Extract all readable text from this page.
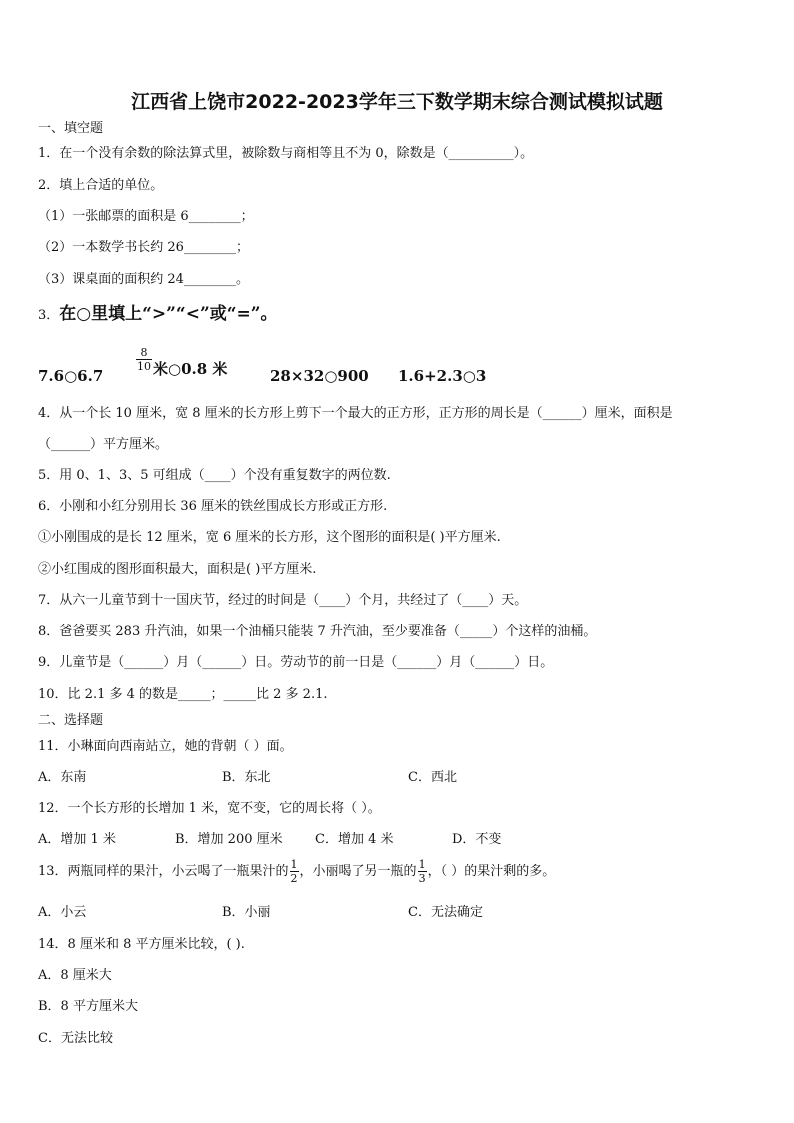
江西省上饶市2022-2023学年三下数学期末综合测试模拟试题
一、填空题
1．在一个没有余数的除法算式里，被除数与商相等且不为 0，除数是（__________）。
2．填上合适的单位。
（1）一张邮票的面积是 6________；
（2）一本数学书长约 26________；
（3）课桌面的面积约 24________。
3．在○里填上“>”“<”或“=”。
7.6○6.7
$\frac{8}{10}$ 米○0.8 米	28×32○900 1.6+2.3○3
4．从一个长 10 厘米，宽 8 厘米的长方形上剪下一个最大的正方形，正方形的周长是（______）厘米，面积是
（______）平方厘米。
5．用 0、1、3、5 可组成（____）个没有重复数字的两位数.
6．小刚和小红分别用长 36 厘米的铁丝围成长方形或正方形.
①小刚围成的是长 12 厘米，宽 6 厘米的长方形，这个图形的面积是( )平方厘米.
②小红围成的图形面积最大，面积是( )平方厘米.
7．从六一儿童节到十一国庆节，经过的时间是（____）个月，共经过了（____）天。
8．爸爸要买 283 升汽油，如果一个油桶只能装 7 升汽油，至少要准备（_____）个这样的油桶。
9．儿童节是（______）月（______）日。劳动节的前一日是（______）月（______）日。
10．比 2.1 多 4 的数是_____；_____比 2 多 2.1.
二、选择题
11．小琳面向西南站立，她的背朝（ ）面。
A．东南	B．东北	C．西北
12．一个长方形的长增加 1 米，宽不变，它的周长将（ ）。
A．增加 1 米	B．增加 200 厘米 C．增加 4 米	D．不变
13．两瓶同样的果汁，小云喝了一瓶果汁的 $\frac{1}{2}$ ，小丽喝了另一瓶的 $\frac{1}{3}$ ，（ ）的果汁剩的多。
A．小云	B．小丽	C．无法确定
14．8 厘米和 8 平方厘米比较，( ).
A．8 厘米大
B．8 平方厘米大
C．无法比较
